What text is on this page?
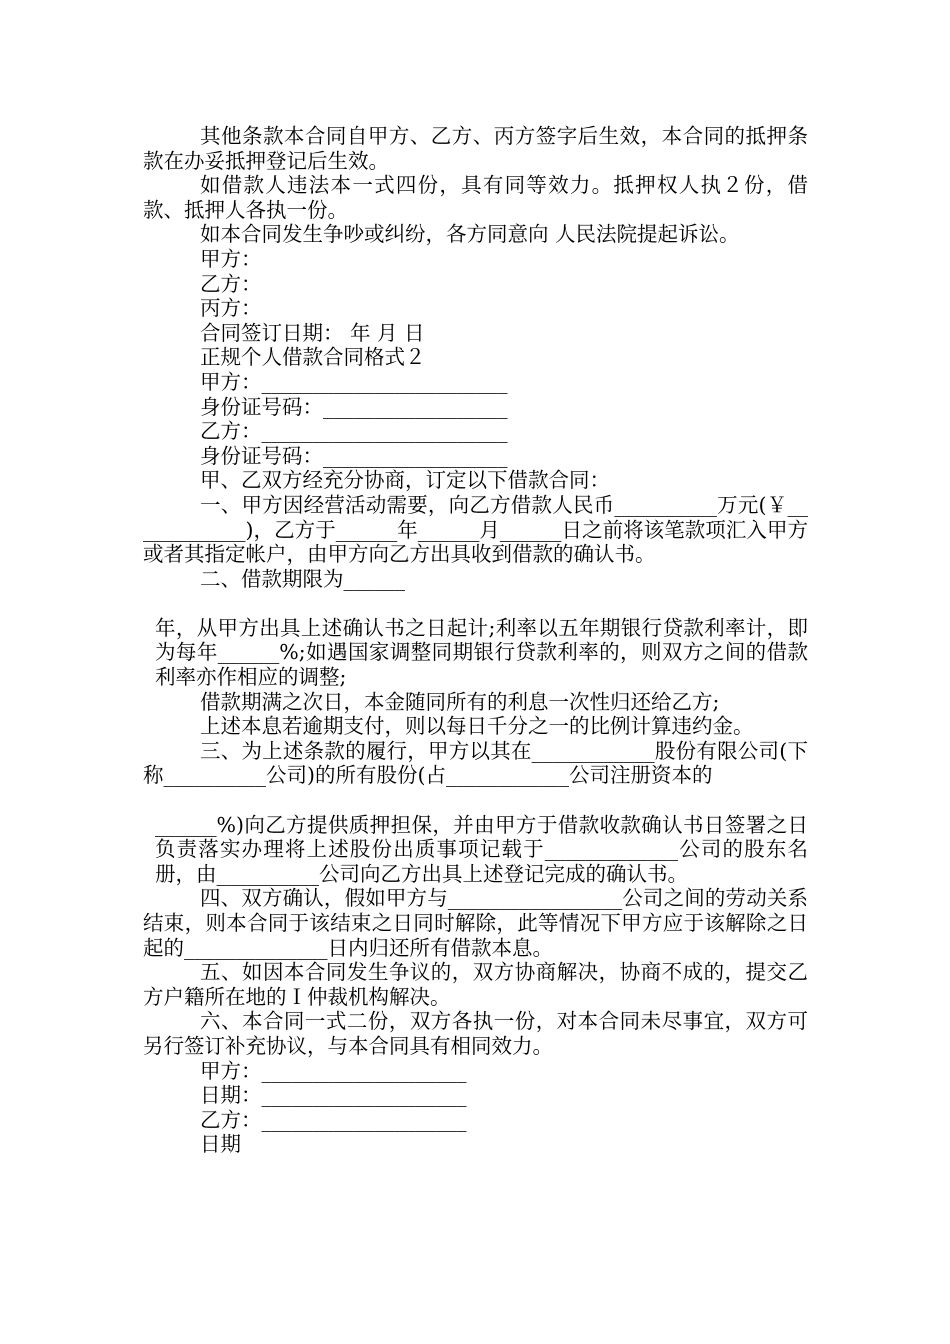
其他条款本合同自甲方、乙方、丙方签字后生效，本合同的抵押条款在办妥抵押登记后生效。

如借款人违法本一式四份，具有同等效力。抵押权人执２份，借款、抵押人各执一份。

如本合同发生争吵或纠纷，各方同意向 人民法院提起诉讼。

甲方：

乙方：

丙方：

合同签订日期： 年 月 日

正规个人借款合同格式２

甲方：________________________

身份证号码：__________________

乙方：________________________

身份证号码：__________________

甲、乙双方经充分协商，订定以下借款合同：

一、甲方因经营活动需要，向乙方借款人民币__________万元(￥____________)，乙方于______年______月______日之前将该笔款项汇入甲方或者其指定帐户，由甲方向乙方出具收到借款的确认书。

二、借款期限为______

年，从甲方出具上述确认书之日起计;利率以五年期银行贷款利率计，即为每年______%;如遇国家调整同期银行贷款利率的，则双方之间的借款利率亦作相应的调整;

借款期满之次日，本金随同所有的利息一次性归还给乙方;

上述本息若逾期支付，则以每日千分之一的比例计算违约金。

三、为上述条款的履行，甲方以其在____________股份有限公司(下称__________公司)的所有股份(占____________公司注册资本的

______%)向乙方提供质押担保，并由甲方于借款收款确认书日签署之日负责落实办理将上述股份出质事项记载于_____________公司的股东名册，由__________公司向乙方出具上述登记完成的确认书。

四、双方确认，假如甲方与_________________公司之间的劳动关系结束，则本合同于该结束之日同时解除，此等情况下甲方应于该解除之日起的______________日内归还所有借款本息。

五、如因本合同发生争议的，双方协商解决，协商不成的，提交乙方户籍所在地的Ｉ仲裁机构解决。

六、本合同一式二份，双方各执一份，对本合同未尽事宜，双方可另行签订补充协议，与本合同具有相同效力。

甲方：____________________

日期：____________________

乙方：____________________

日期
